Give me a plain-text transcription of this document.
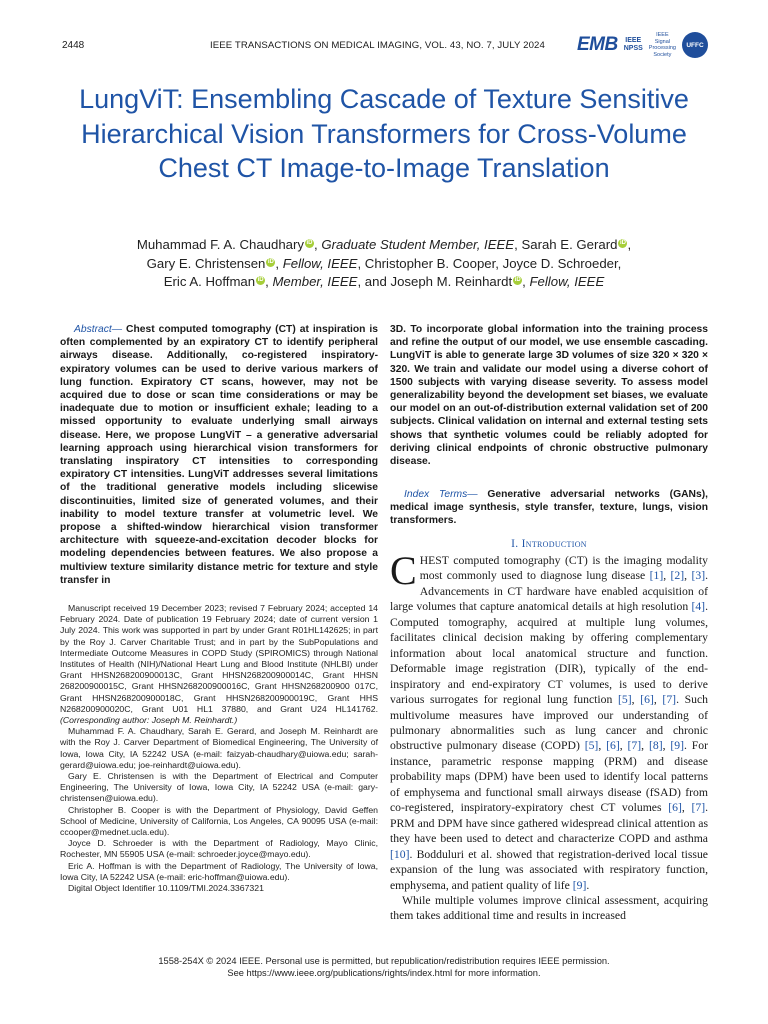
2448	IEEE TRANSACTIONS ON MEDICAL IMAGING, VOL. 43, NO. 7, JULY 2024 EMB IEEE
NPSS
IEEE
Signal
Processing
Society
UFFC
LungViT: Ensembling Cascade of Texture Sensitive Hierarchical Vision Transformers for Cross-Volume Chest CT Image-to-Image Translation
Muhammad F. A. Chaudhary iD , Graduate Student Member, IEEE, Sarah E. Gerard iD ,
Gary E. Christensen iD , Fellow, IEEE, Christopher B. Cooper, Joyce D. Schroeder,
Eric A. Hoffman iD , Member, IEEE, and Joseph M. Reinhardt iD , Fellow, IEEE
Abstract— Chest computed tomography (CT) at inspiration is often complemented by an expiratory CT to identify peripheral airways disease. Additionally, co-registered inspiratory-expiratory volumes can be used to derive various markers of lung function. Expiratory CT scans, however, may not be acquired due to dose or scan time considerations or may be inadequate due to motion or insufficient exhale; leading to a missed opportunity to evaluate underlying small airways disease. Here, we propose LungViT – a generative adversarial learning approach using hierarchical vision transformers for translating inspiratory CT intensities to corresponding expiratory CT intensities. LungViT addresses several limitations of the traditional generative models including slicewise discontinuities, limited size of generated volumes, and their inability to model texture transfer at volumetric level. We propose a shifted-window hierarchical vision transformer architecture with squeeze-and-excitation decoder blocks for modeling dependencies between features. We also propose a multiview texture similarity distance metric for texture and style transfer in
3D. To incorporate global information into the training process and refine the output of our model, we use ensemble cascading. LungViT is able to generate large 3D volumes of size 320 × 320 × 320. We train and validate our model using a diverse cohort of 1500 subjects with varying disease severity. To assess model generalizability beyond the development set biases, we evaluate our model on an out-of-distribution external validation set of 200 subjects. Clinical validation on internal and external testing sets shows that synthetic volumes could be reliably adopted for deriving clinical endpoints of chronic obstructive pulmonary disease.
Index Terms— Generative adversarial networks (GANs), medical image synthesis, style transfer, texture, lungs, vision transformers.

Manuscript received 19 December 2023; revised 7 February 2024; accepted 14 February 2024. Date of publication 19 February 2024; date of current version 1 July 2024. This work was supported in part by under Grant R01HL142625; in part by the Roy J. Carver Charitable Trust; and in part by the SubPopulations and Intermediate Outcome Measures in COPD Study (SPIROMICS) through National Institutes of Health (NIH)/National Heart Lung and Blood Institute (NHLBI) under Grant HHSN268200900013C, Grant HHSN268200900014C, Grant HHSN 268200900015C, Grant HHSN268200900016C, Grant HHSN268200900 017C, Grant HHSN268200900018C, Grant HHSN268200900019C, Grant HHS N268200900020C, Grant U01 HL1 37880, and Grant U24 HL141762. (Corresponding author: Joseph M. Reinhardt.)

Muhammad F. A. Chaudhary, Sarah E. Gerard, and Joseph M. Reinhardt are with the Roy J. Carver Department of Biomedical Engineering, The University of Iowa, Iowa City, IA 52242 USA (e-mail: faizyab-chaudhary@uiowa.edu; sarah-gerard@uiowa.edu; joe-reinhardt@uiowa.edu).

Gary E. Christensen is with the Department of Electrical and Computer Engineering, The University of Iowa, Iowa City, IA 52242 USA (e-mail: gary-christensen@uiowa.edu).

Christopher B. Cooper is with the Department of Physiology, David Geffen School of Medicine, University of California, Los Angeles, CA 90095 USA (e-mail: ccooper@mednet.ucla.edu).

Joyce D. Schroeder is with the Department of Radiology, Mayo Clinic, Rochester, MN 55905 USA (e-mail: schroeder.joyce@mayo.edu).

Eric A. Hoffman is with the Department of Radiology, The University of Iowa, Iowa City, IA 52242 USA (e-mail: eric-hoffman@uiowa.edu).

Digital Object Identifier 10.1109/TMI.2024.3367321

I. Introduction

CHEST computed tomography (CT) is the imaging modality most commonly used to diagnose lung disease [1], [2], [3]. Advancements in CT hardware have enabled acquisition of large volumes that capture anatomical details at high resolution [4]. Computed tomography, acquired at multiple lung volumes, facilitates clinical decision making by offering complementary information about local anatomical structure and function. Deformable image registration (DIR), typically of the end-inspiratory and end-expiratory CT volumes, is used to derive various surrogates for regional lung function [5], [6], [7]. Such multivolume measures have improved our understanding of pulmonary abnormalities such as lung cancer and chronic obstructive pulmonary disease (COPD) [5], [6], [7], [8], [9]. For instance, parametric response mapping (PRM) and disease probability maps (DPM) have been used to identify local patterns of emphysema and functional small airways disease (fSAD) from co-registered, inspiratory-expiratory chest CT volumes [6], [7]. PRM and DPM have since gathered widespread clinical attention as they have been used to detect and characterize COPD and asthma [10]. Bodduluri et al. showed that registration-derived local tissue expansion of the lung was associated with respiratory function, emphysema, and patient quality of life [9].

While multiple volumes improve clinical assessment, acquiring them takes additional time and results in increased

1558-254X © 2024 IEEE. Personal use is permitted, but republication/redistribution requires IEEE permission.
See https://www.ieee.org/publications/rights/index.html for more information.
